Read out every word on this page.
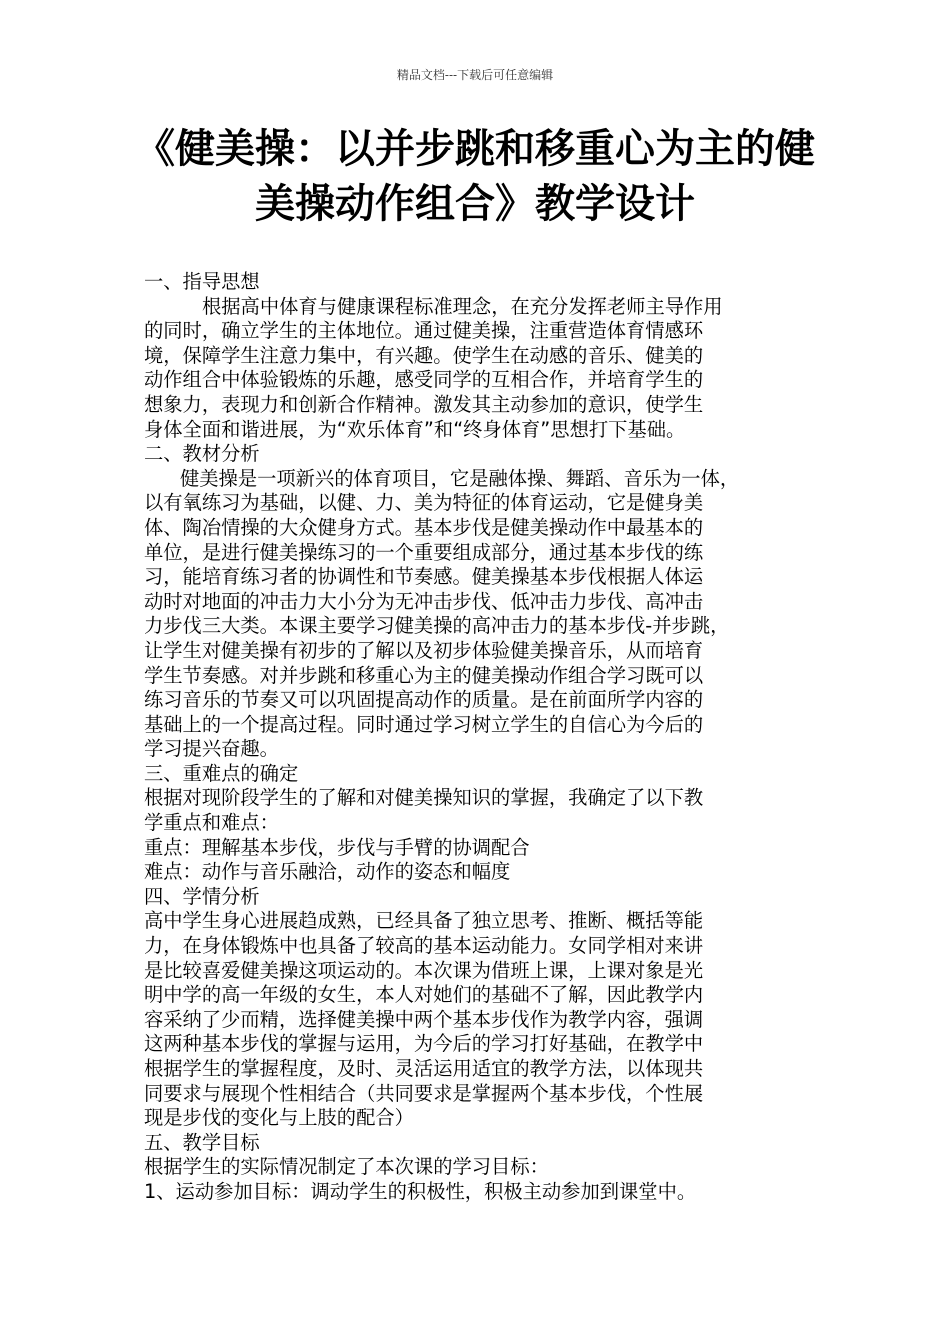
精品文档---下载后可任意编辑
《健美操：以并步跳和移重心为主的健
美操动作组合》教学设计
一、指导思想
根据高中体育与健康课程标准理念，在充分发挥老师主导作用
的同时，确立学生的主体地位。通过健美操，注重营造体育情感环
境，保障学生注意力集中，有兴趣。使学生在动感的音乐、健美的
动作组合中体验锻炼的乐趣，感受同学的互相合作，并培育学生的
想象力，表现力和创新合作精神。激发其主动参加的意识，使学生
身体全面和谐进展，为“欢乐体育”和“终身体育”思想打下基础。
二、教材分析
健美操是一项新兴的体育项目，它是融体操、舞蹈、音乐为一体，
以有氧练习为基础，以健、力、美为特征的体育运动，它是健身美
体、陶冶情操的大众健身方式。基本步伐是健美操动作中最基本的
单位，是进行健美操练习的一个重要组成部分，通过基本步伐的练
习，能培育练习者的协调性和节奏感。健美操基本步伐根据人体运
动时对地面的冲击力大小分为无冲击步伐、低冲击力步伐、高冲击
力步伐三大类。本课主要学习健美操的高冲击力的基本步伐-并步跳，
让学生对健美操有初步的了解以及初步体验健美操音乐，从而培育
学生节奏感。对并步跳和移重心为主的健美操动作组合学习既可以
练习音乐的节奏又可以巩固提高动作的质量。是在前面所学内容的
基础上的一个提高过程。同时通过学习树立学生的自信心为今后的
学习提兴奋趣。
三、重难点的确定
根据对现阶段学生的了解和对健美操知识的掌握，我确定了以下教
学重点和难点：
重点：理解基本步伐，步伐与手臂的协调配合
难点：动作与音乐融洽，动作的姿态和幅度
四、学情分析
高中学生身心进展趋成熟，已经具备了独立思考、推断、概括等能
力，在身体锻炼中也具备了较高的基本运动能力。女同学相对来讲
是比较喜爱健美操这项运动的。本次课为借班上课，上课对象是光
明中学的高一年级的女生，本人对她们的基础不了解，因此教学内
容采纳了少而精，选择健美操中两个基本步伐作为教学内容，强调
这两种基本步伐的掌握与运用，为今后的学习打好基础，在教学中
根据学生的掌握程度，及时、灵活运用适宜的教学方法，以体现共
同要求与展现个性相结合（共同要求是掌握两个基本步伐，个性展
现是步伐的变化与上肢的配合）
五、教学目标
根据学生的实际情况制定了本次课的学习目标：
1、运动参加目标：调动学生的积极性，积极主动参加到课堂中。
